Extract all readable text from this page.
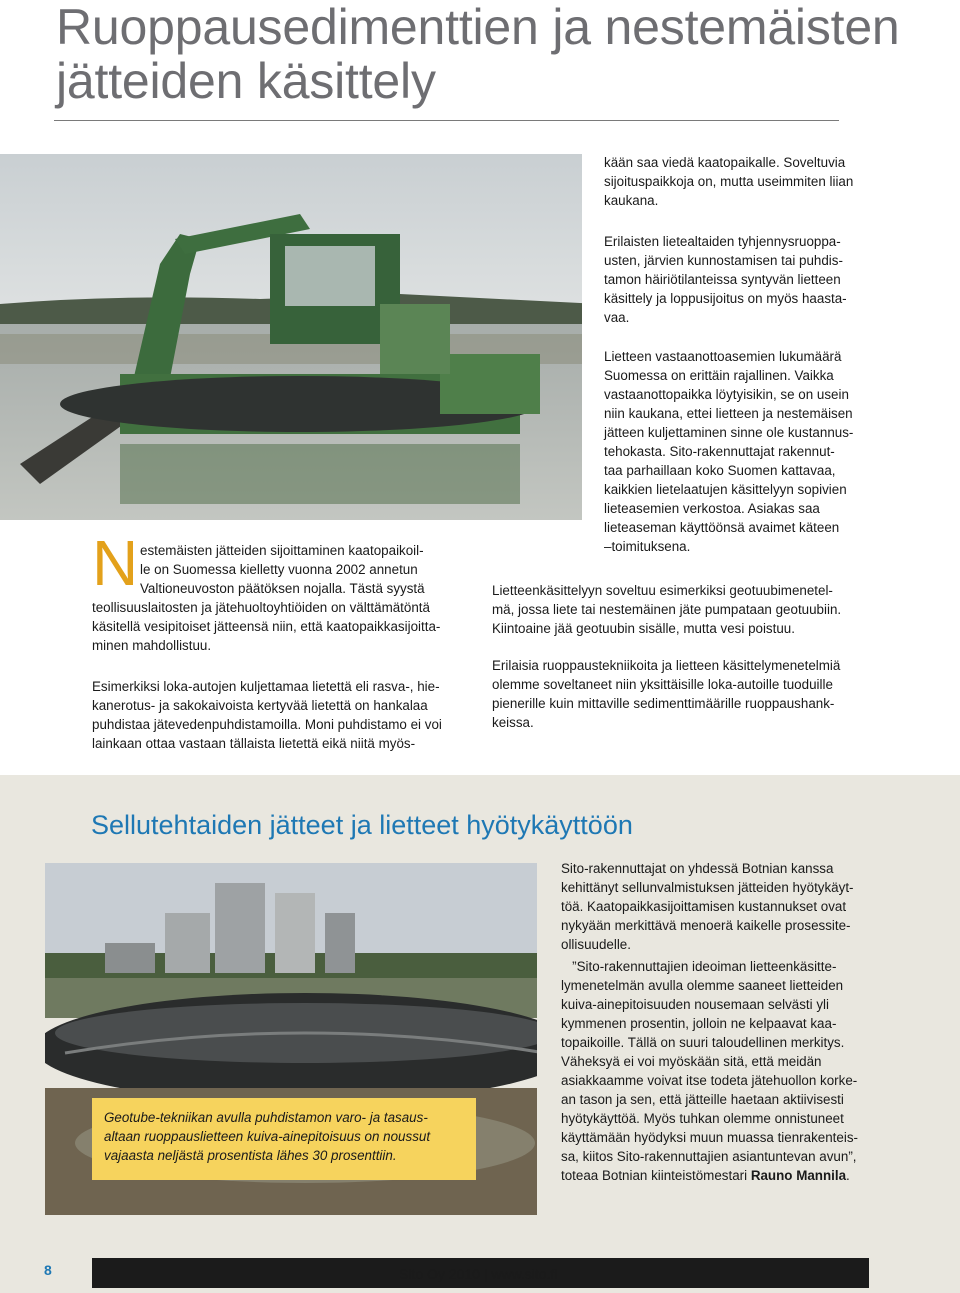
Ruoppausedimenttien ja nestemäisten jätteiden käsittely
kään saa viedä kaatopaikalle. Soveltuvia
sijoituspaikkoja on, mutta useimmiten liian
kaukana.
Erilaisten lietealtaiden tyhjennysruoppa-
usten, järvien kunnostamisen tai puhdis-
tamon häiriötilanteissa syntyvän lietteen
käsittely ja loppusijoitus on myös haasta-
vaa.
Lietteen vastaanottoasemien lukumäärä
Suomessa on erittäin rajallinen. Vaikka
vastaanottopaikka löytyisikin, se on usein
niin kaukana, ettei lietteen ja nestemäisen
jätteen kuljettaminen sinne ole kustannus-
tehokasta. Sito-rakennuttajat rakennut-
taa parhaillaan koko Suomen kattavaa,
kaikkien lietelaatujen käsittelyyn sopivien
lieteasemien verkostoa. Asiakas saa
lieteaseman käyttöönsä avaimet käteen
–toimituksena.
Lietteenkäsittelyyn soveltuu esimerkiksi geotuubimenetel-
mä, jossa liete tai nestemäinen jäte pumpataan geotuubiin.
Kiintoaine jää geotuubin sisälle, mutta vesi poistuu.
Erilaisia ruoppaustekniikoita ja lietteen käsittelymenetelmiä
olemme soveltaneet niin yksittäisille loka-autoille tuoduille
pienerille kuin mittaville sedimenttimäärille ruoppaushank-
keissa.
N estemäisten jätteiden sijoittaminen kaatopaikoil-
le on Suomessa kielletty vuonna 2002 annetun
Valtioneuvoston päätöksen nojalla. Tästä syystä
teollisuuslaitosten ja jätehuoltoyhtiöiden on välttämätöntä
käsitellä vesipitoiset jätteensä niin, että kaatopaikkasijoitta-
minen mahdollistuu.
Esimerkiksi loka-autojen kuljettamaa lietettä eli rasva-, hie-
kanerotus- ja sakokaivoista kertyvää lietettä on hankalaa
puhdistaa jätevedenpuhdistamoilla. Moni puhdistamo ei voi
lainkaan ottaa vastaan tällaista lietettä eikä niitä myös-
Sellutehtaiden jätteet ja lietteet hyötykäyttöön
Geotube-tekniikan avulla puhdistamon varo- ja tasaus-
altaan ruoppauslietteen kuiva-ainepitoisuus on noussut
vajaasta neljästä prosentista lähes 30 prosenttiin.
Sito-rakennuttajat on yhdessä Botnian kanssa
kehittänyt sellunvalmistuksen jätteiden hyötykäyt-
töä. Kaatopaikkasijoittamisen kustannukset ovat
nykyään merkittävä menoerä kaikelle prosessite-
ollisuudelle.
”Sito-rakennuttajien ideoiman lietteenkäsitte-
lymenetelmän avulla olemme saaneet lietteiden
kuiva-ainepitoisuuden nousemaan selvästi yli
kymmenen prosentin, jolloin ne kelpaavat kaa-
topaikoille. Tällä on suuri taloudellinen merkitys.
Väheksyä ei voi myöskään sitä, että meidän
asiakkaamme voivat itse todeta jätehuollon korke-
an tason ja sen, että jätteille haetaan aktiivisesti
hyötykäyttöä. Myös tuhkan olemme onnistuneet
käyttämään hyödyksi muun muassa tienrakenteis-
sa, kiitos Sito-rakennuttajien asiantuntevan avun”,
toteaa Botnian kiinteistömestari Rauno Mannila.
8	Sito Oy 2010 | www.sito.fi
